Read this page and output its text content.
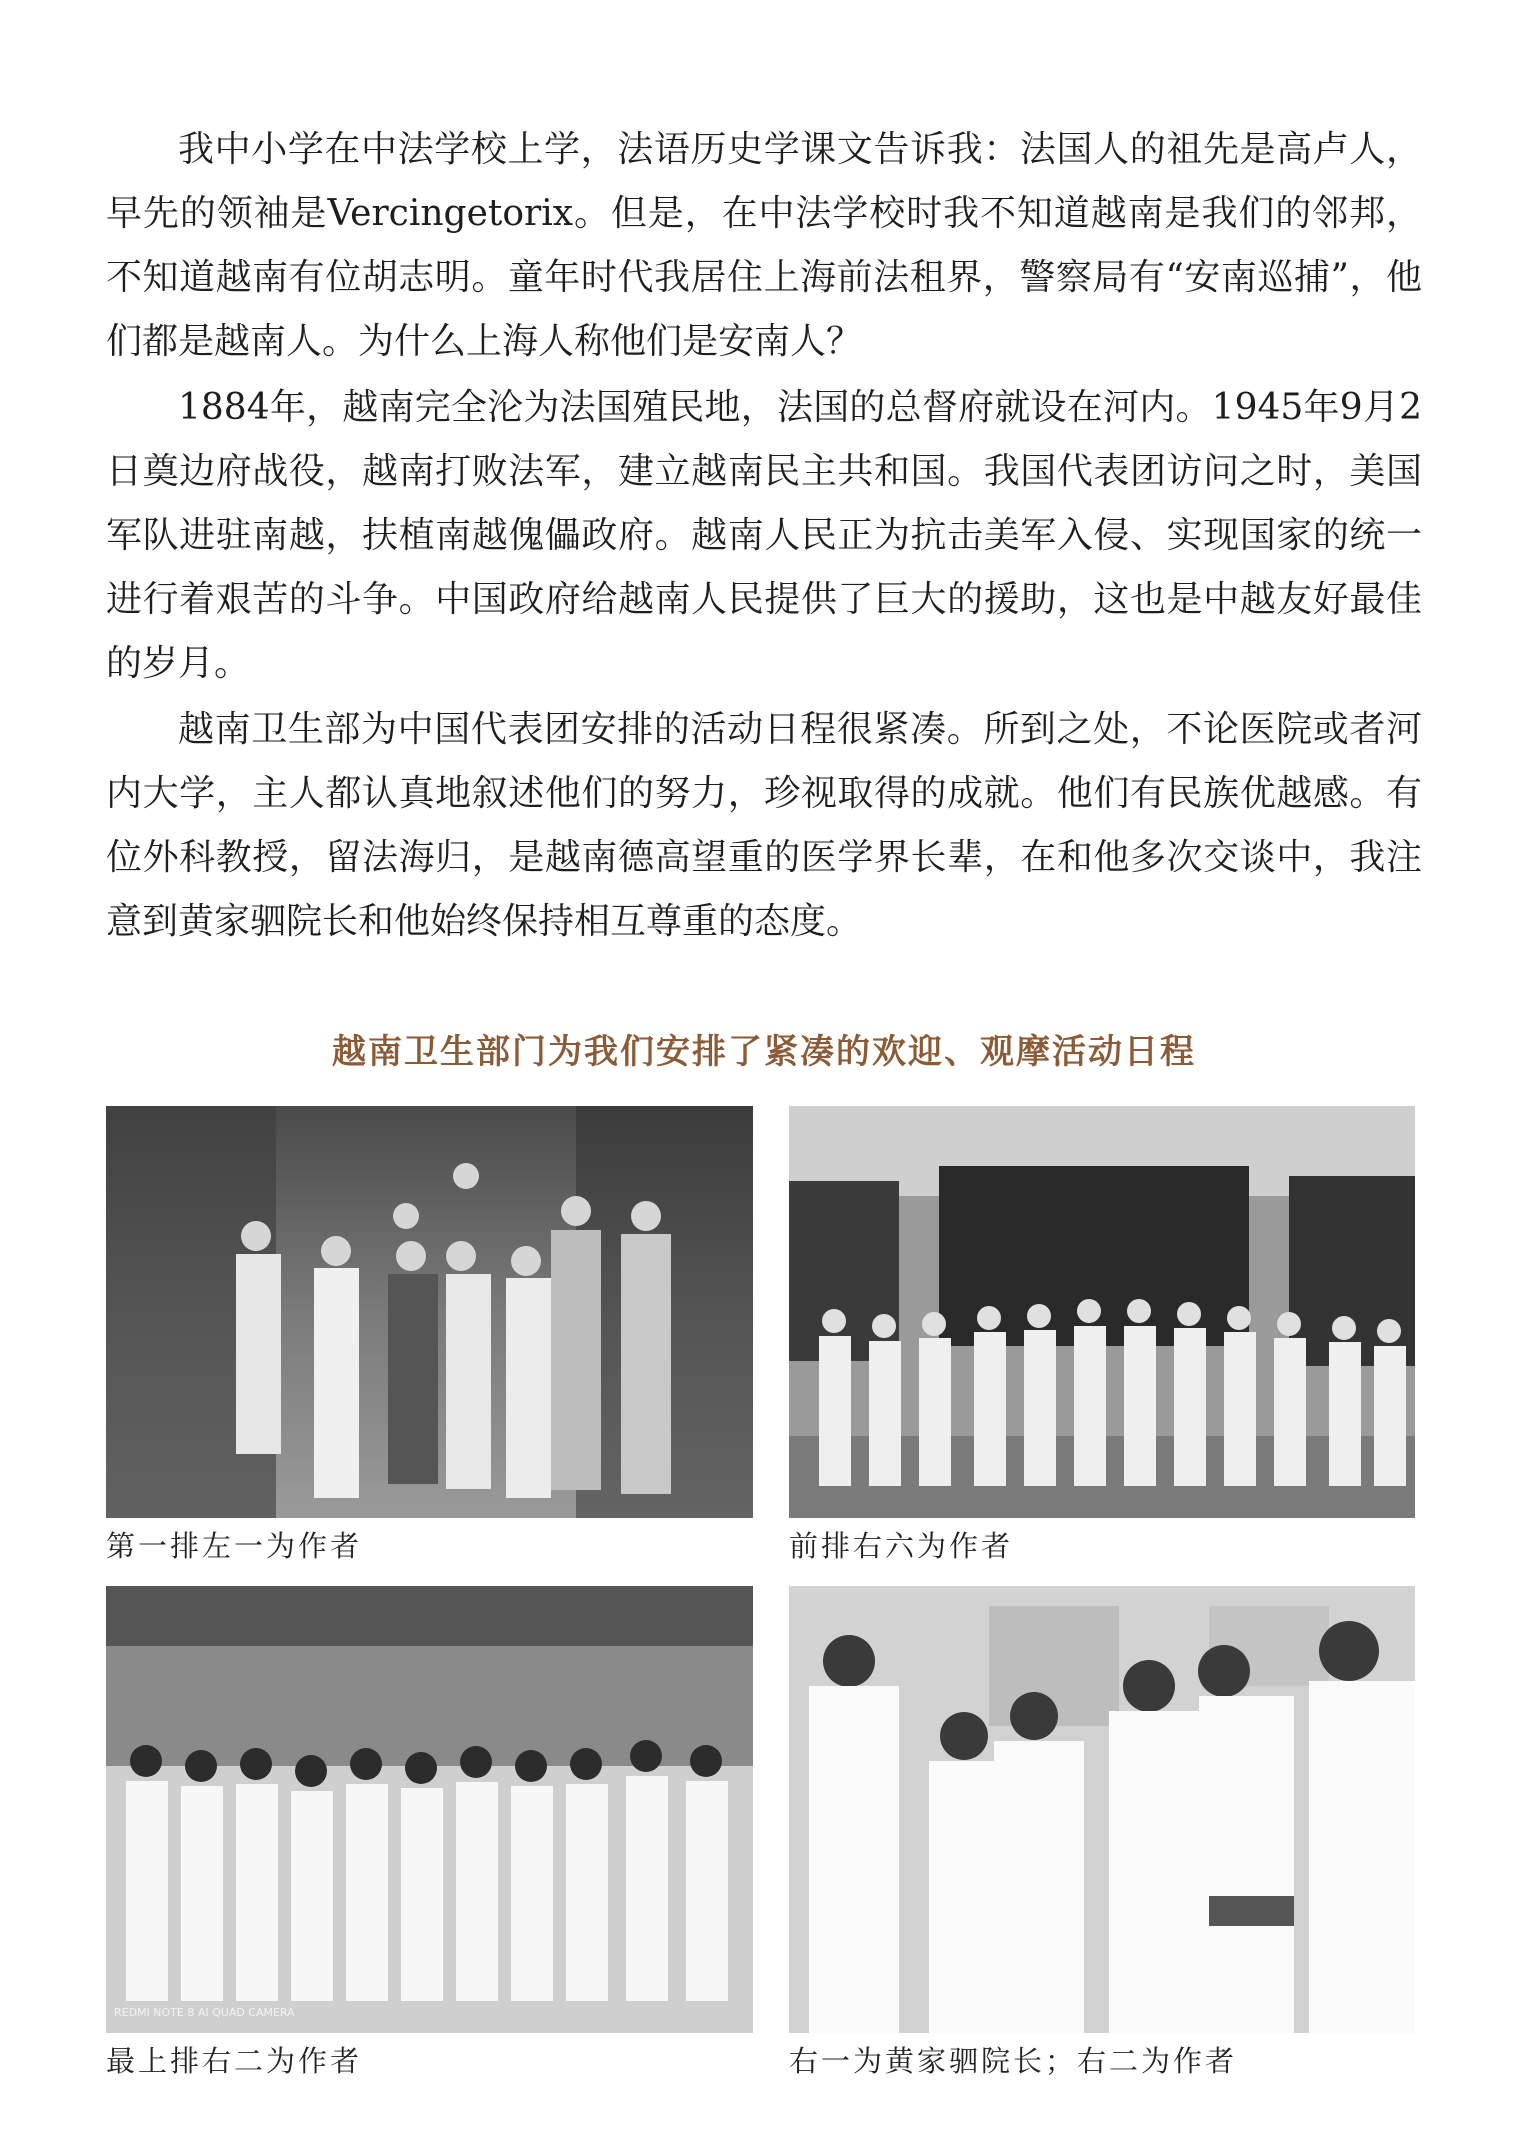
我中小学在中法学校上学，法语历史学课文告诉我：法国人的祖先是高卢人，早先的领袖是Vercingetorix。但是，在中法学校时我不知道越南是我们的邻邦，不知道越南有位胡志明。童年时代我居住上海前法租界，警察局有“安南巡捕”，他们都是越南人。为什么上海人称他们是安南人？

1884年，越南完全沦为法国殖民地，法国的总督府就设在河内。1945年9月2日奠边府战役，越南打败法军，建立越南民主共和国。我国代表团访问之时，美国军队进驻南越，扶植南越傀儡政府。越南人民正为抗击美军入侵、实现国家的统一进行着艰苦的斗争。中国政府给越南人民提供了巨大的援助，这也是中越友好最佳的岁月。

越南卫生部为中国代表团安排的活动日程很紧凑。所到之处，不论医院或者河内大学，主人都认真地叙述他们的努力，珍视取得的成就。他们有民族优越感。有位外科教授，留法海归，是越南德高望重的医学界长辈，在和他多次交谈中，我注意到黄家驷院长和他始终保持相互尊重的态度。

越南卫生部门为我们安排了紧凑的欢迎、观摩活动日程
第一排左一为作者	前排右六为作者
REDMI NOTE 8 AI QUAD CAMERA
最上排右二为作者	右一为黄家驷院长；右二为作者
